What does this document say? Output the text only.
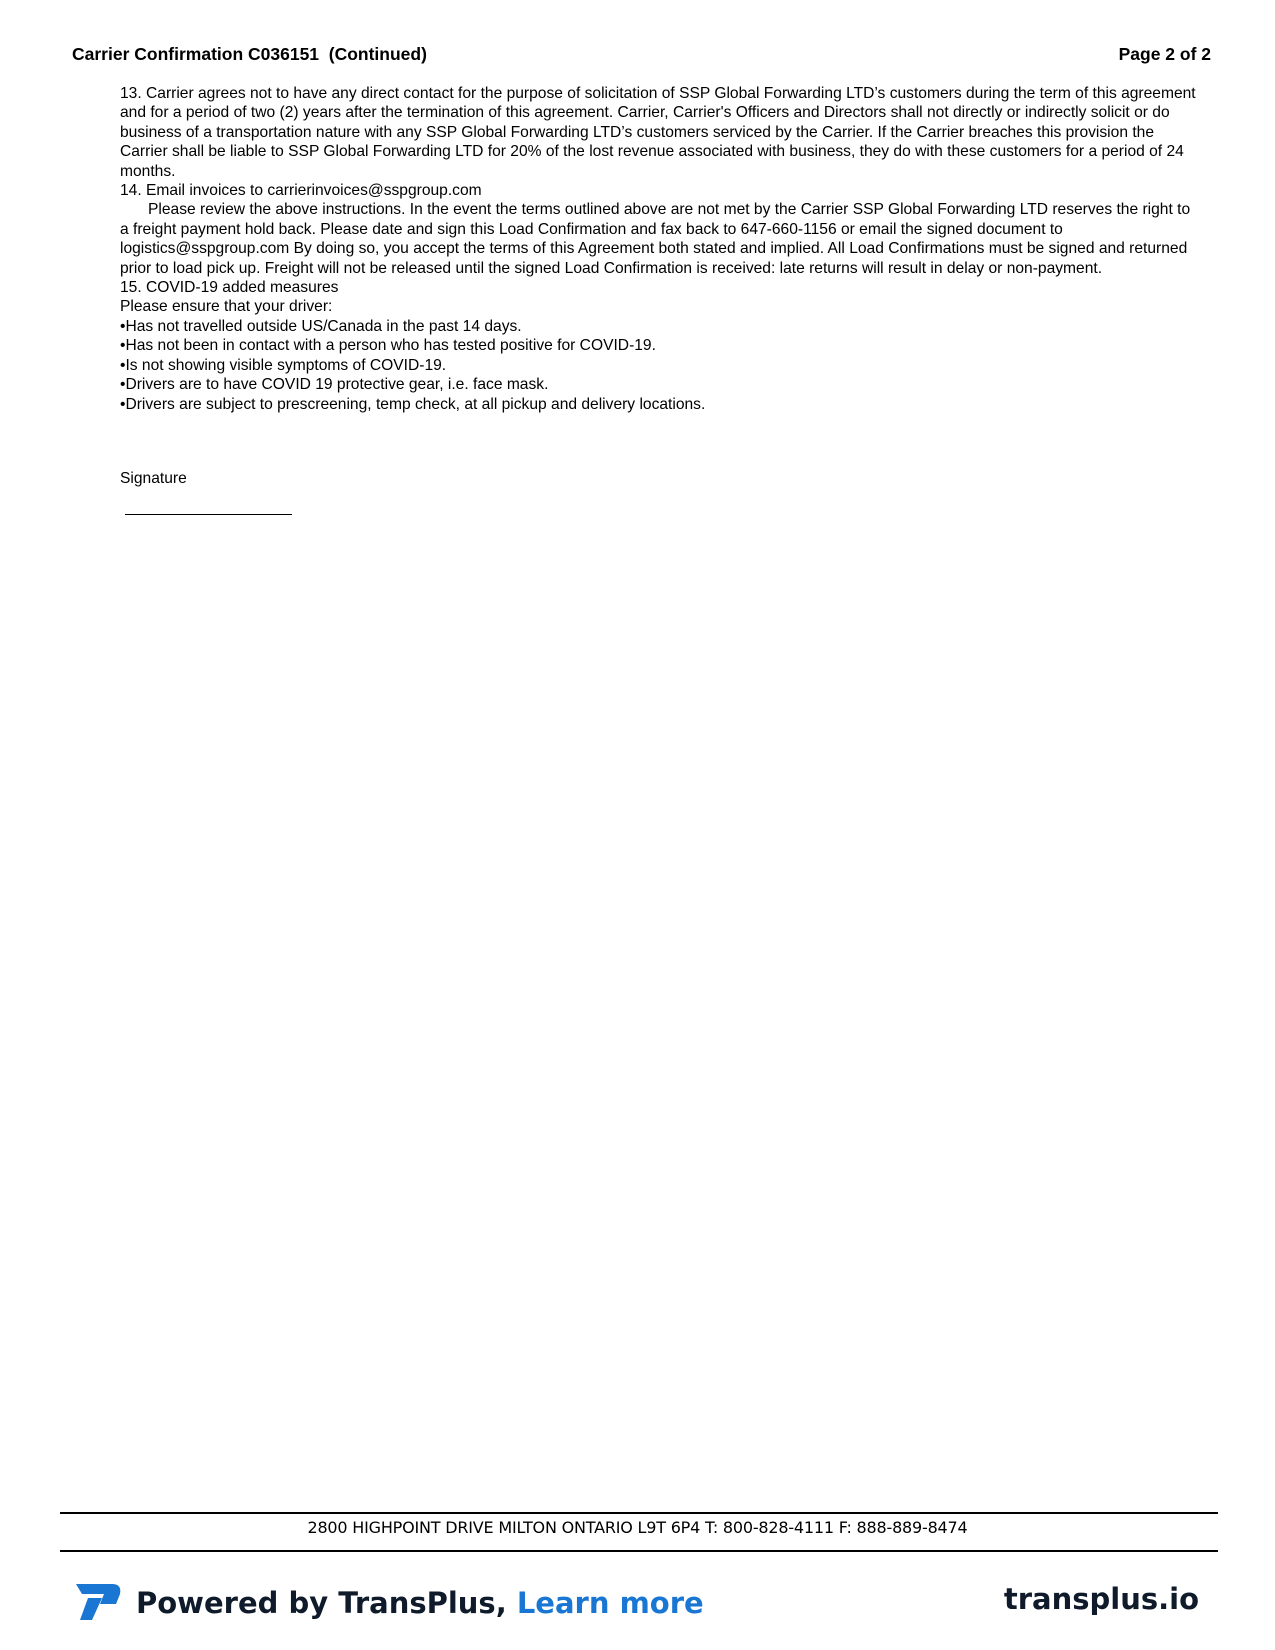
Carrier Confirmation C036151  (Continued)	Page 2 of 2

13. Carrier agrees not to have any direct contact for the purpose of solicitation of SSP Global Forwarding LTD’s customers during the term of this agreement and for a period of two (2) years after the termination of this agreement. Carrier, Carrier's Officers and Directors shall not directly or indirectly solicit or do business of a transportation nature with any SSP Global Forwarding LTD’s customers serviced by the Carrier. If the Carrier breaches this provision the Carrier shall be liable to SSP Global Forwarding LTD for 20% of the lost revenue associated with business, they do with these customers for a period of 24 months.

14. Email invoices to carrierinvoices@sspgroup.com

Please review the above instructions. In the event the terms outlined above are not met by the Carrier SSP Global Forwarding LTD reserves the right to a freight payment hold back. Please date and sign this Load Confirmation and fax back to 647-660-1156 or email the signed document to logistics@sspgroup.com By doing so, you accept the terms of this Agreement both stated and implied. All Load Confirmations must be signed and returned prior to load pick up. Freight will not be released until the signed Load Confirmation is received: late returns will result in delay or non-payment.

15. COVID-19 added measures

Please ensure that your driver:

• Has not travelled outside US/Canada in the past 14 days.

• Has not been in contact with a person who has tested positive for COVID-19.

• Is not showing visible symptoms of COVID-19.

• Drivers are to have COVID 19 protective gear, i.e. face mask.

• Drivers are subject to prescreening, temp check, at all pickup and delivery locations.

Signature
2800 HIGHPOINT DRIVE MILTON ONTARIO L9T 6P4 T: 800-828-4111 F: 888-889-8474
Powered by TransPlus, Learn more	transplus.io
